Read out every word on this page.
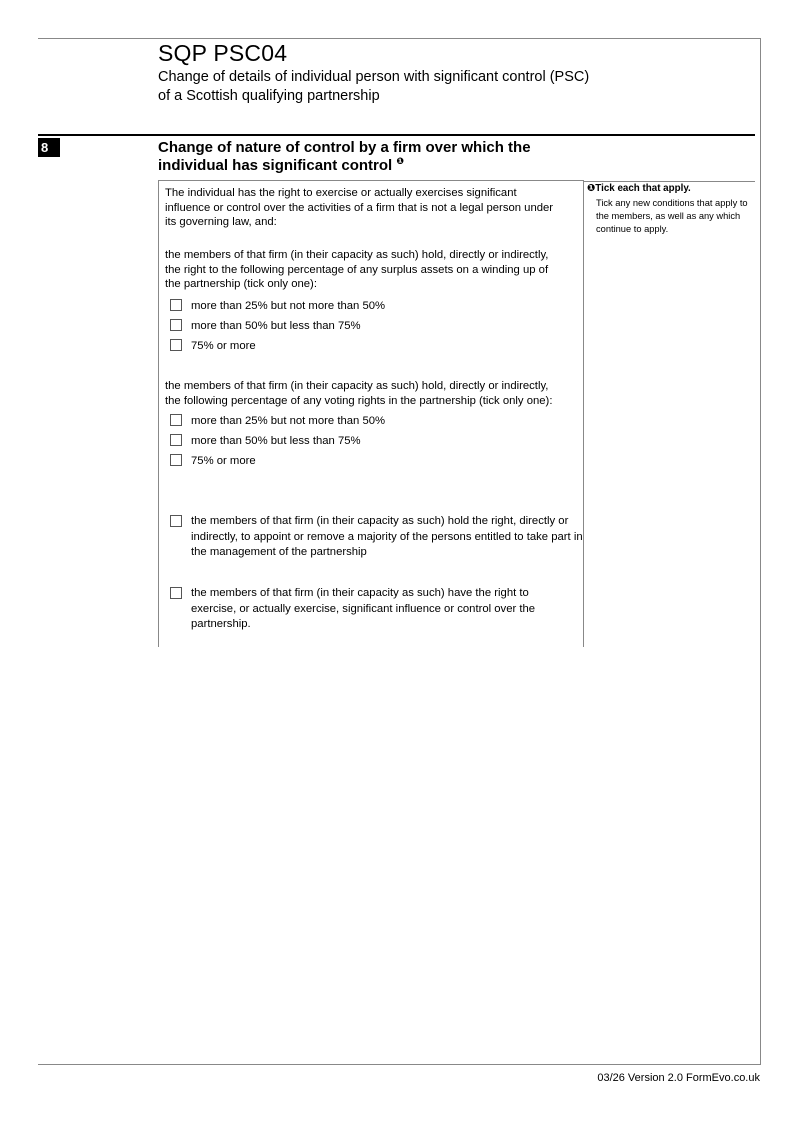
SQP PSC04
Change of details of individual person with significant control (PSC)
of a Scottish qualifying partnership
8	Change of nature of control by a firm over which the
individual has significant control $^❶$
The individual has the right to exercise or actually exercises significant
influence or control over the activities of a firm that is not a legal person under
its governing law, and:
the members of that firm (in their capacity as such) hold, directly or indirectly,
the right to the following percentage of any surplus assets on a winding up of
the partnership (tick only one):
more than 25% but not more than 50%
more than 50% but less than 75%
75% or more
the members of that firm (in their capacity as such) hold, directly or indirectly,
the following percentage of any voting rights in the partnership (tick only one):
more than 25% but not more than 50%
more than 50% but less than 75%
75% or more
the members of that firm (in their capacity as such) hold the right, directly or indirectly, to appoint or remove a majority of the persons entitled to take part in the management of the partnership
the members of that firm (in their capacity as such) have the right to exercise, or actually exercise, significant influence or control over the partnership.
❶Tick each that apply.
Tick any new conditions that apply to the members, as well as any which continue to apply.
03/26 Version 2.0 FormEvo.co.uk
